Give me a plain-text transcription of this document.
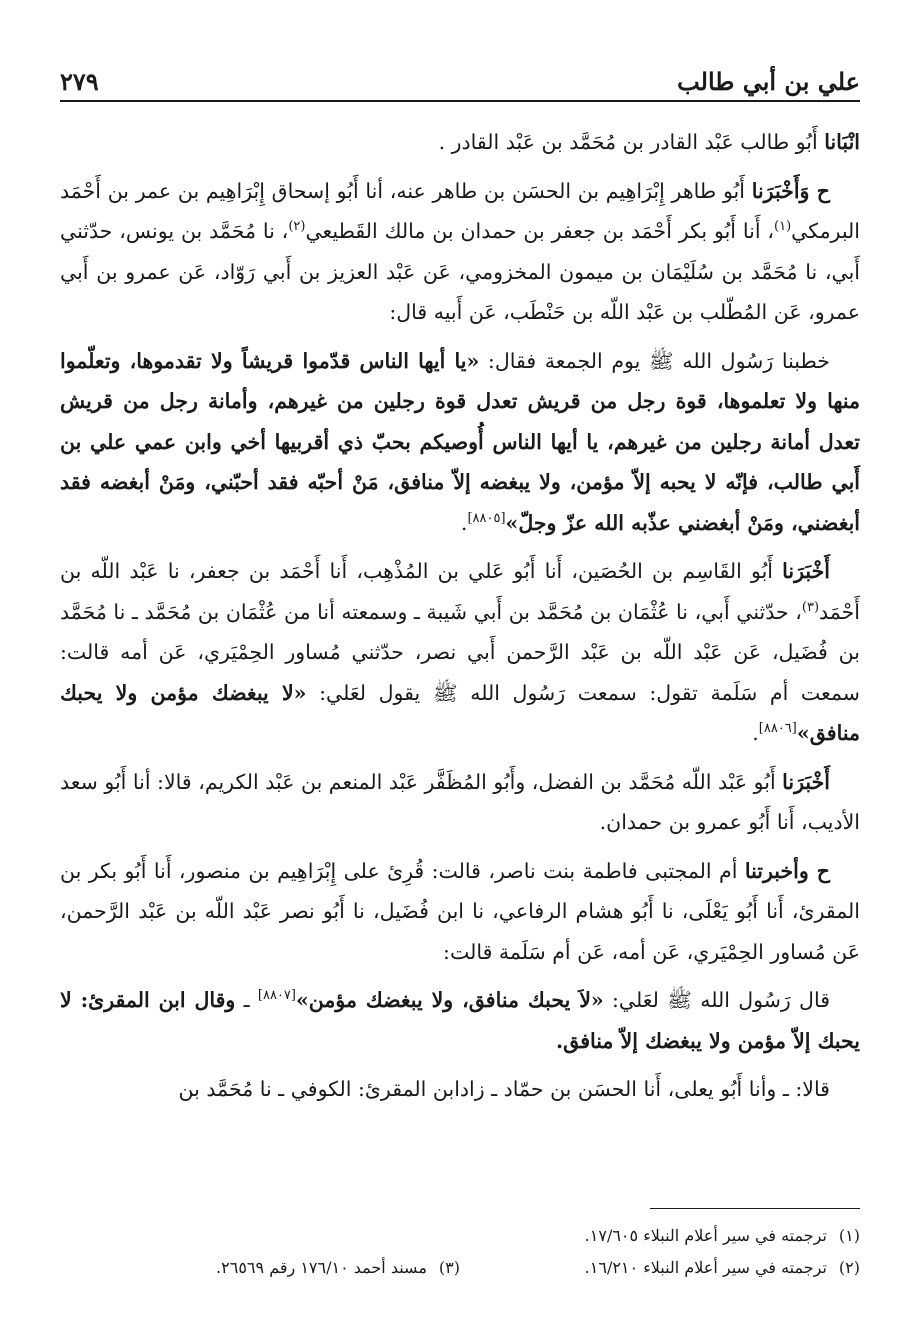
علي بن أبي طالب
٢٧٩

انْبَانا أَبُو طالب عَبْد القادر بن مُحَمَّد بن عَبْد القادر .

ح وَأَخْبَرَنا أَبُو طاهر إِبْرَاهِيم بن الحسَن بن طاهر عنه، أنا أَبُو إسحاق إِبْرَاهِيم بن عمر بن أَحْمَد البرمكي$^{(١)}$، أَنا أَبُو بكر أَحْمَد بن جعفر بن حمدان بن مالك القَطيعي$^{(٢)}$، نا مُحَمَّد بن يونس، حدّثني أَبي، نا مُحَمَّد بن سُلَيْمَان بن ميمون المخزومي، عَن عَبْد العزيز بن أَبي رَوّاد، عَن عمرو بن أَبي عمرو، عَن المُطّلب بن عَبْد اللّه بن حَنْطَب، عَن أَبيه قال:

خطبنا رَسُول الله ﷺ يوم الجمعة فقال: «يا أيها الناس قدّموا قريشاً ولا تقدموها، وتعلّموا منها ولا تعلموها، قوة رجل من قريش تعدل قوة رجلين من غيرهم، وأمانة رجل من قريش تعدل أمانة رجلين من غيرهم، يا أيها الناس أُوصيكم بحبّ ذي أقربيها أخي وابن عمي علي بن أَبي طالب، فإنّه لا يحبه إلاّ مؤمن، ولا يبغضه إلاّ منافق، مَنْ أحبّه فقد أحبّني، ومَنْ أبغضه فقد أبغضني، ومَنْ أبغضني عذّبه الله عزّ وجلّ»[٨٨٠٥].

أَخْبَرَنا أَبُو القَاسِم بن الحُصَين، أَنا أَبُو عَلي بن المُذْهِب، أَنا أَحْمَد بن جعفر، نا عَبْد اللّه بن أَحْمَد$^{(٣)}$، حدّثني أَبي، نا عُثْمَان بن مُحَمَّد بن أَبي شَيبة ـ وسمعته أنا من عُثْمَان بن مُحَمَّد ـ نا مُحَمَّد بن فُضَيل، عَن عَبْد اللّه بن عَبْد الرَّحمن أَبي نصر، حدّثني مُساور الحِمْيَري، عَن أمه قالت: سمعت أم سَلَمة تقول: سمعت رَسُول الله ﷺ يقول لعَلي: «لا يبغضك مؤمن ولا يحبك منافق»[٨٨٠٦].

أَخْبَرَنا أَبُو عَبْد اللّه مُحَمَّد بن الفضل، وأَبُو المُظَفَّر عَبْد المنعم بن عَبْد الكريم، قالا: أنا أَبُو سعد الأديب، أَنا أَبُو عمرو بن حمدان.

ح وأخبرتنا أم المجتبى فاطمة بنت ناصر، قالت: قُرِئ على إِبْرَاهِيم بن منصور، أَنا أَبُو بكر بن المقرئ، أَنا أَبُو يَعْلَى، نا أَبُو هشام الرفاعي، نا ابن فُضَيل، نا أَبُو نصر عَبْد اللّه بن عَبْد الرَّحمن، عَن مُساور الحِمْيَري، عَن أمه، عَن أم سَلَمة قالت:

قال رَسُول الله ﷺ لعَلي: «لاَ يحبك منافق، ولا يبغضك مؤمن»[٨٨٠٧] ـ وقال ابن المقرئ: لا يحبك إلاّ مؤمن ولا يبغضك إلاّ منافق.

قالا: ـ وأنا أَبُو يعلى، أَنا الحسَن بن حمّاد ـ زادابن المقرئ: الكوفي ـ نا مُحَمَّد بن

(١)ترجمته في سير أعلام النبلاء ١٧/٦٠٥.
(٢)ترجمته في سير أعلام النبلاء ١٦/٢١٠.
(٣)مسند أحمد ١٧٦/١٠ رقم ٢٦٥٦٩.
